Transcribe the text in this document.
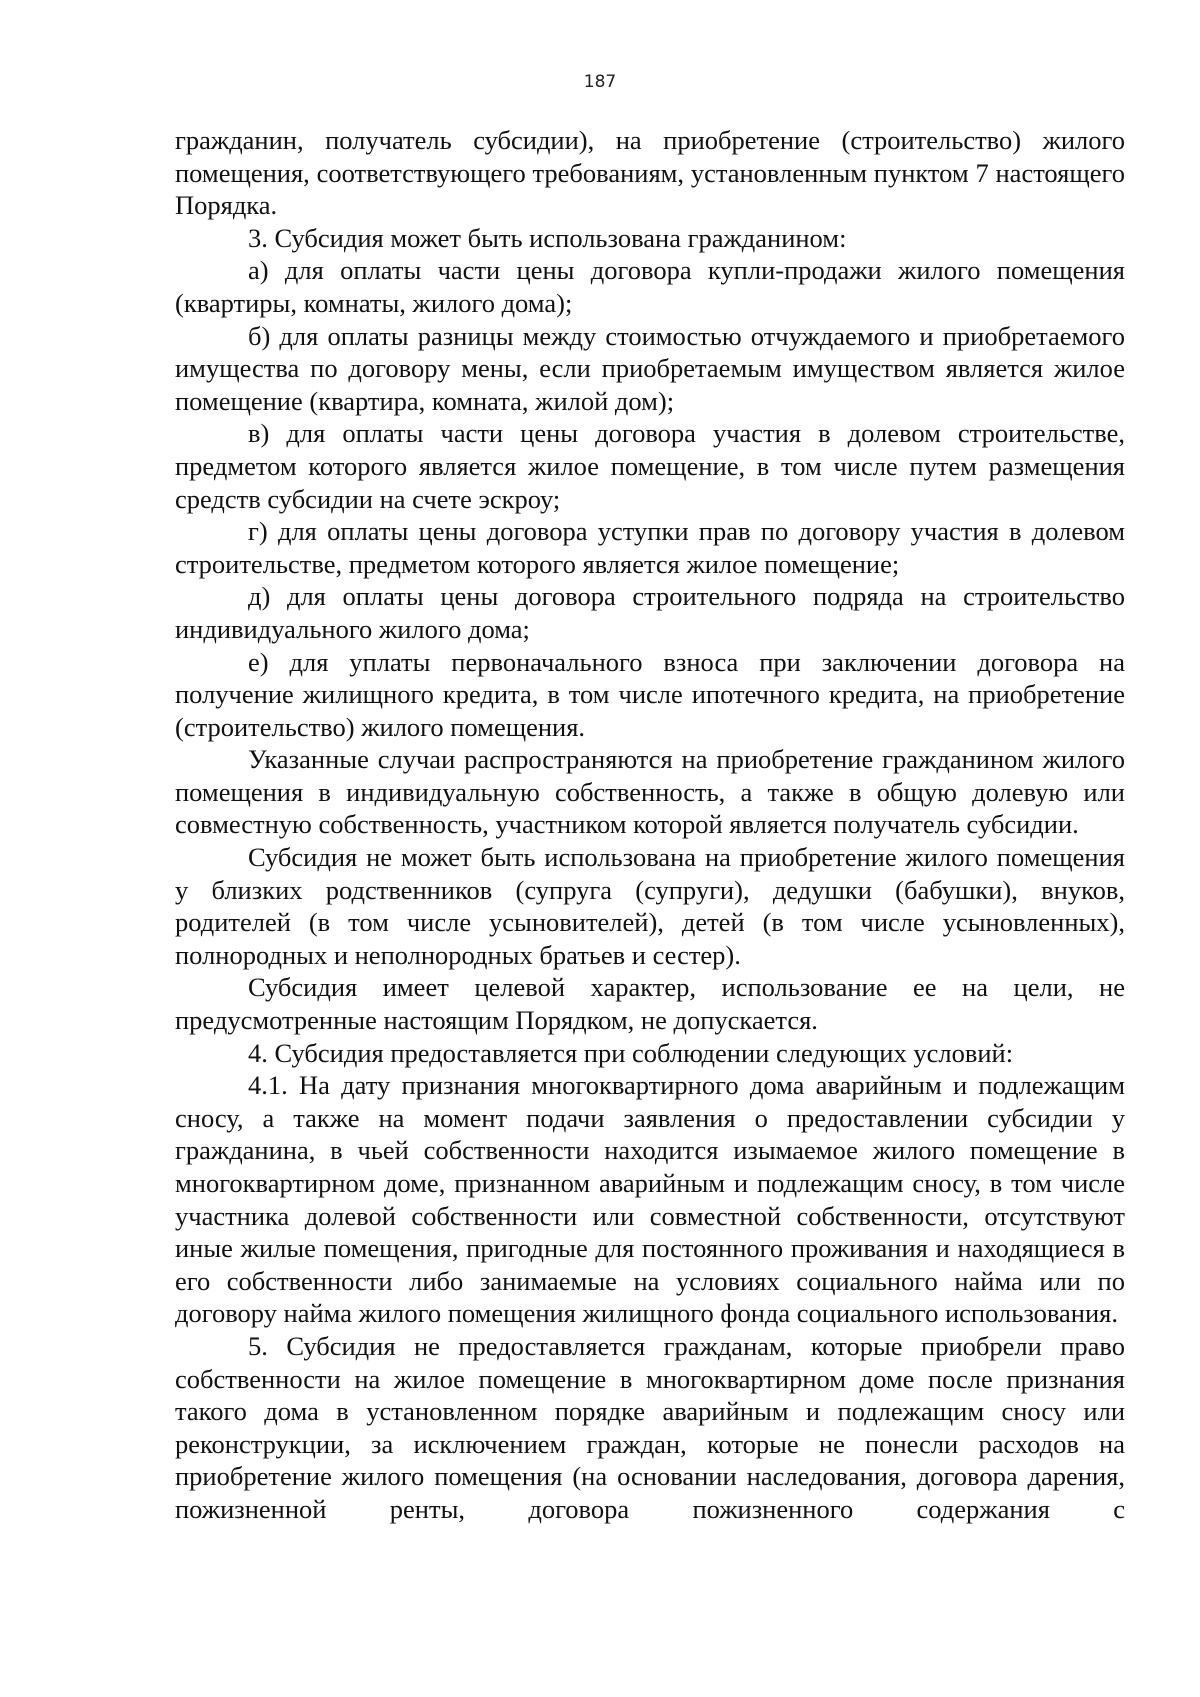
187

гражданин, получатель субсидии), на приобретение (строительство) жилого помещения, соответствующего требованиям, установленным пунктом 7 настоящего Порядка.

3. Субсидия может быть использована гражданином:

а) для оплаты части цены договора купли-продажи жилого помещения (квартиры, комнаты, жилого дома);

б) для оплаты разницы между стоимостью отчуждаемого и приобретаемого имущества по договору мены, если приобретаемым имуществом является жилое помещение (квартира, комната, жилой дом);

в) для оплаты части цены договора участия в долевом строительстве, предметом которого является жилое помещение, в том числе путем размещения средств субсидии на счете эскроу;

г) для оплаты цены договора уступки прав по договору участия в долевом строительстве, предметом которого является жилое помещение;

д) для оплаты цены договора строительного подряда на строительство индивидуального жилого дома;

е) для уплаты первоначального взноса при заключении договора на получение жилищного кредита, в том числе ипотечного кредита, на приобретение (строительство) жилого помещения.

Указанные случаи распространяются на приобретение гражданином жилого помещения в индивидуальную собственность, а также в общую долевую или совместную собственность, участником которой является получатель субсидии.

Субсидия не может быть использована на приобретение жилого помещения у близких родственников (супруга (супруги), дедушки (бабушки), внуков, родителей (в том числе усыновителей), детей (в том числе усыновленных), полнородных и неполнородных братьев и сестер).

Субсидия имеет целевой характер, использование ее на цели, не предусмотренные настоящим Порядком, не допускается.

4. Субсидия предоставляется при соблюдении следующих условий:

4.1. На дату признания многоквартирного дома аварийным и подлежащим сносу, а также на момент подачи заявления о предоставлении субсидии у гражданина, в чьей собственности находится изымаемое жилого помещение в многоквартирном доме, признанном аварийным и подлежащим сносу, в том числе участника долевой собственности или совместной собственности, отсутствуют иные жилые помещения, пригодные для постоянного проживания и находящиеся в его собственности либо занимаемые на условиях социального найма или по договору найма жилого помещения жилищного фонда социального использования.

5. Субсидия не предоставляется гражданам, которые приобрели право собственности на жилое помещение в многоквартирном доме после признания такого дома в установленном порядке аварийным и подлежащим сносу или реконструкции, за исключением граждан, которые не понесли расходов на приобретение жилого помещения (на основании наследования, договора дарения, пожизненной ренты, договора пожизненного содержания с
